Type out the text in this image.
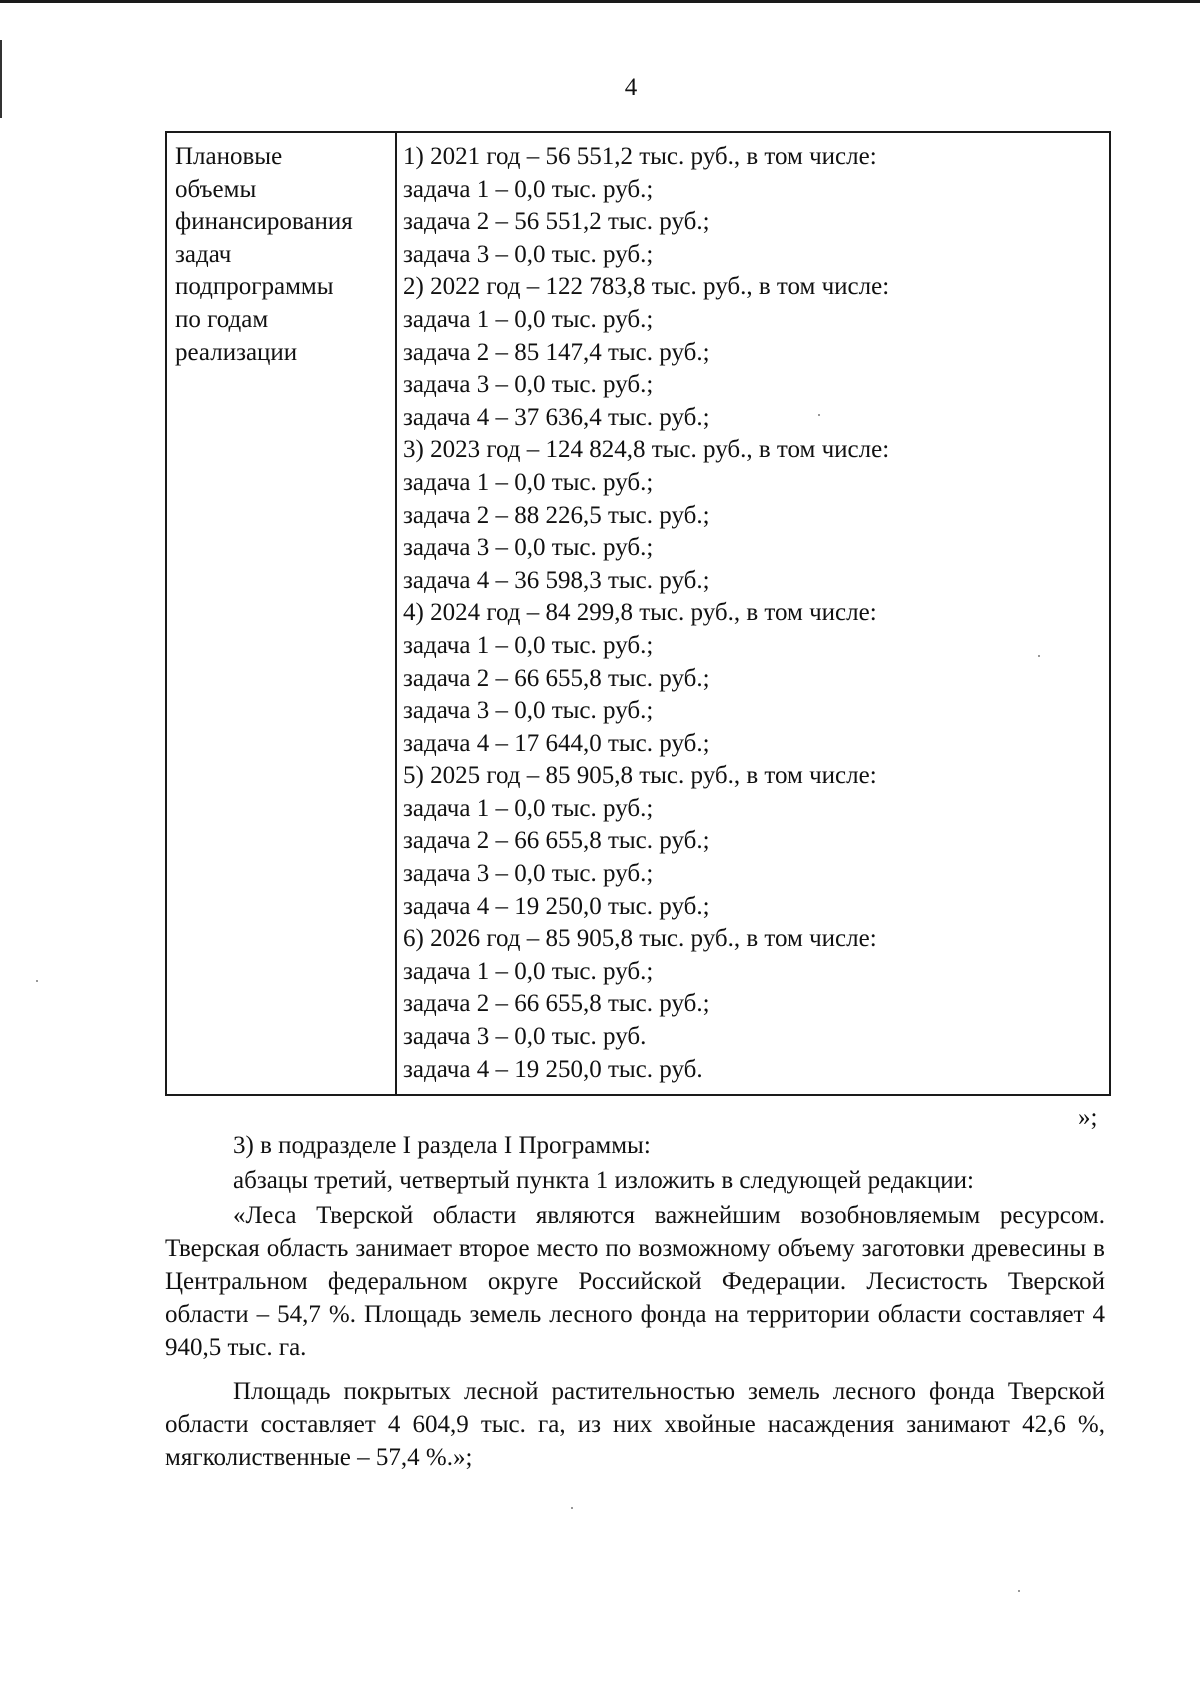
4
Плановые
объемы
финансирования
задач
подпрограммы
по годам
реализации
1) 2021 год – 56 551,2 тыс. руб., в том числе:
задача 1 – 0,0 тыс. руб.;
задача 2 – 56 551,2 тыс. руб.;
задача 3 – 0,0 тыс. руб.;
2) 2022 год – 122 783,8 тыс. руб., в том числе:
задача 1 – 0,0 тыс. руб.;
задача 2 – 85 147,4 тыс. руб.;
задача 3 – 0,0 тыс. руб.;
задача 4 – 37 636,4 тыс. руб.;
3) 2023 год – 124 824,8 тыс. руб., в том числе:
задача 1 – 0,0 тыс. руб.;
задача 2 – 88 226,5 тыс. руб.;
задача 3 – 0,0 тыс. руб.;
задача 4 – 36 598,3 тыс. руб.;
4) 2024 год – 84 299,8 тыс. руб., в том числе:
задача 1 – 0,0 тыс. руб.;
задача 2 – 66 655,8 тыс. руб.;
задача 3 – 0,0 тыс. руб.;
задача 4 – 17 644,0 тыс. руб.;
5) 2025 год – 85 905,8 тыс. руб., в том числе:
задача 1 – 0,0 тыс. руб.;
задача 2 – 66 655,8 тыс. руб.;
задача 3 – 0,0 тыс. руб.;
задача 4 – 19 250,0 тыс. руб.;
6) 2026 год – 85 905,8 тыс. руб., в том числе:
задача 1 – 0,0 тыс. руб.;
задача 2 – 66 655,8 тыс. руб.;
задача 3 – 0,0 тыс. руб.
задача 4 – 19 250,0 тыс. руб.
»;

3) в подразделе I раздела I Программы:

абзацы третий, четвертый пункта 1 изложить в следующей редакции:

«Леса Тверской области являются важнейшим возобновляемым ресурсом. Тверская область занимает второе место по возможному объему заготовки древесины в Центральном федеральном округе Российской Федерации. Лесистость Тверской области – 54,7 %. Площадь земель лесного фонда на территории области составляет 4 940,5 тыс. га.

Площадь покрытых лесной растительностью земель лесного фонда Тверской области составляет 4 604,9 тыс. га, из них хвойные насаждения занимают 42,6 %, мягколиственные – 57,4 %.»;
